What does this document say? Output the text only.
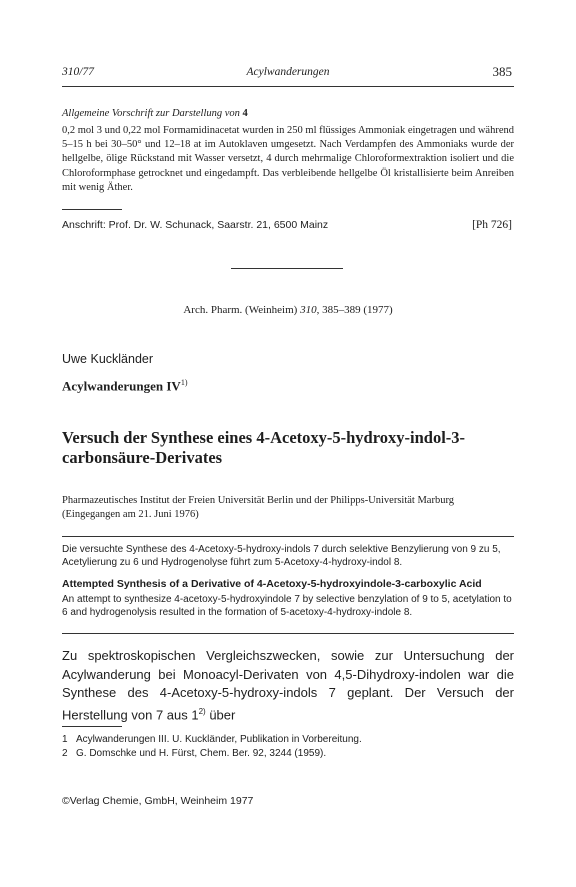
310/77	Acylwanderungen	385
Allgemeine Vorschrift zur Darstellung von 4
0,2 mol 3 und 0,22 mol Formamidinacetat wurden in 250 ml flüssiges Ammoniak eingetragen und während 5–15 h bei 30–50° und 12–18 at im Autoklaven umgesetzt. Nach Verdampfen des Ammoniaks wurde der hellgelbe, ölige Rückstand mit Wasser versetzt, 4 durch mehrmalige Chloroformextraktion isoliert und die Chloroformphase getrocknet und eingedampft. Das verbleibende hellgelbe Öl kristallisierte beim Anreiben mit wenig Äther.
Anschrift: Prof. Dr. W. Schunack, Saarstr. 21, 6500 Mainz	[Ph 726]
Arch. Pharm. (Weinheim) 310, 385–389 (1977)
Uwe Kuckländer
Acylwanderungen IV$^{1)}$
Versuch der Synthese eines 4-Acetoxy-5-hydroxy-indol-3-carbonsäure-Derivates
Pharmazeutisches Institut der Freien Universität Berlin und der Philipps-Universität Marburg
(Eingegangen am 21. Juni 1976)
Die versuchte Synthese des 4-Acetoxy-5-hydroxy-indols 7 durch selektive Benzylierung von 9 zu 5, Acetylierung zu 6 und Hydrogenolyse führt zum 5-Acetoxy-4-hydroxy-indol 8.
Attempted Synthesis of a Derivative of 4-Acetoxy-5-hydroxyindole-3-carboxylic Acid
An attempt to synthesize 4-acetoxy-5-hydroxyindole 7 by selective benzylation of 9 to 5, acetylation to 6 and hydrogenolysis resulted in the formation of 5-acetoxy-4-hydroxy-indole 8.
Zu spektroskopischen Vergleichszwecken, sowie zur Untersuchung der Acylwanderung bei Monoacyl-Derivaten von 4,5-Dihydroxy-indolen war die Synthese des 4-Acetoxy-5-hydroxy-indols 7 geplant. Der Versuch der Herstellung von 7 aus 1$^{2)}$ über
1 Acylwanderungen III. U. Kuckländer, Publikation in Vorbereitung.
2 G. Domschke und H. Fürst, Chem. Ber. 92, 3244 (1959).
©Verlag Chemie, GmbH, Weinheim 1977
